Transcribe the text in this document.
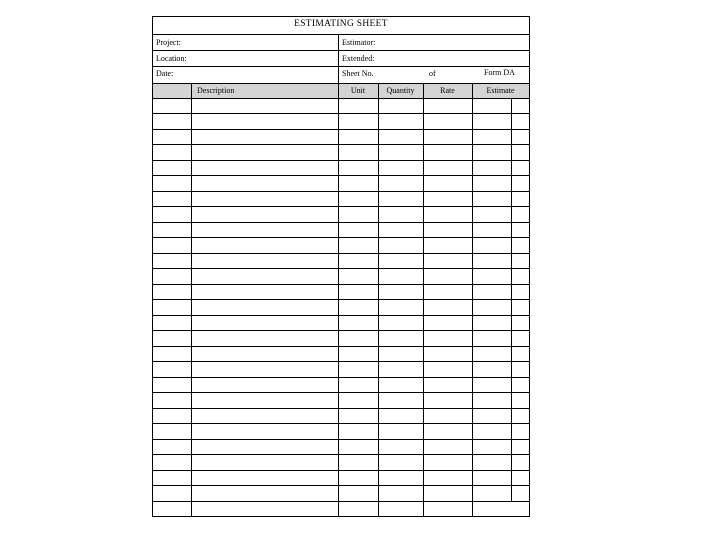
ESTIMATING SHEET
Project:	Estimator:
Location:	Extended:
Date:	Sheet No.	of	Form DA
Description	Unit	Quantity	Rate	Estimate
